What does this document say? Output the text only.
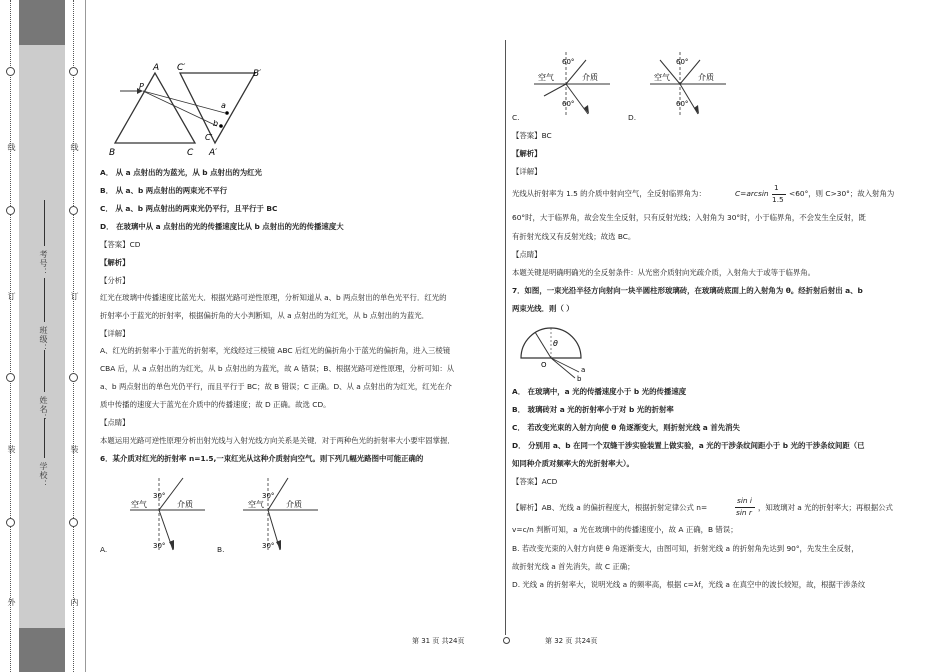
线
订
装
外
线
订
装
内
考号：
班级：
姓名：
学校：
A C′
B′
a
b
B	C
C′
A′
P
A． 从 a 点射出的为蓝光，从 b 点射出的为红光
B． 从 a、b 两点射出的两束光不平行
C． 从 a、b 两点射出的两束光仍平行，且平行于 BC
D． 在玻璃中从 a 点射出的光的传播速度比从 b 点射出的光的传播速度大
【答案】CD
【解析】
【分析】
红光在玻璃中传播速度比蓝光大．根据光路可逆性原理，分析知道从 a、b 两点射出的单色光平行．红光的
折射率小于蓝光的折射率，根据偏折角的大小判断知，从 a 点射出的为红光，从 b 点射出的为蓝光．
【详解】
A、红光的折射率小于蓝光的折射率，光线经过三棱镜 ABC 后红光的偏折角小于蓝光的偏折角，进入三棱镜
CBA 后，从 a 点射出的为红光，从 b 点射出的为蓝光，故 A 错误；B、根据光路可逆性原理，分析可知：从
a、b 两点射出的单色光仍平行，而且平行于 BC；故 B 错误；C 正确。D、从 a 点射出的为红光，红光在介
质中传播的速度大于蓝光在介质中的传播速度；故 D 正确。故选 CD。
【点睛】
本题运用光路可逆性原理分析出射光线与入射光线方向关系是关键．对于两种色光的折射率大小要牢固掌握．
6．某介质对红光的折射率 n=1.5,一束红光从这种介质射向空气。则下列几幅光路图中可能正确的
空气	介质
30°
30°
A.
空气	介质
30°
30°
B.
第 31 页 共24页	第 32 页 共24页
空气	介质
60°
60°
C.
空气	介质
60°
60°
D.
【答案】BC
【解析】
【详解】
光线从折射率为 1.5 的介质中射向空气，全反射临界角为：	C=arcsin
1
1.5
<60°，则 C>30°；故入射角为
60°时，大于临界角，故会发生全反射，只有反射光线；入射角为 30°时，小于临界角，不会发生全反射，既
有折射光线又有反射光线；故选 BC。
【点睛】
本题关键是明确明确光的全反射条件：从光密介质射向光疏介质，入射角大于或等于临界角。
7．如图，一束光沿半径方向射向一块半圆柱形玻璃砖，在玻璃砖底面上的入射角为 θ。经折射后射出 a、b
两束光线．则（ ）
θ
O
a
b
A． 在玻璃中，a 光的传播速度小于 b 光的传播速度
B． 玻璃砖对 a 光的折射率小于对 b 光的折射率
C． 若改变光束的入射方向使 θ 角逐渐变大，则折射光线 a 首先消失
D． 分别用 a、b 在同一个双缝干涉实验装置上做实验，a 光的干涉条纹间距小于 b 光的干涉条纹间距（已
知同种介质对频率大的光折射率大）。
【答案】ACD
【解析】AB、光线 a 的偏折程度大，根据折射定律公式 n=
sin i
sin r
，知玻璃对 a 光的折射率大；再根据公式
v=c/n 判断可知，a 光在玻璃中的传播速度小，故 A 正确，B 错误；
B. 若改变光束的入射方向使 θ 角逐渐变大，由图可知，折射光线 a 的折射角先达到 90°，先发生全反射，
故折射光线 a 首先消失，故 C 正确；
D. 光线 a 的折射率大，说明光线 a 的频率高，根据 c=λf，光线 a 在真空中的波长较短，故，根据干涉条纹
